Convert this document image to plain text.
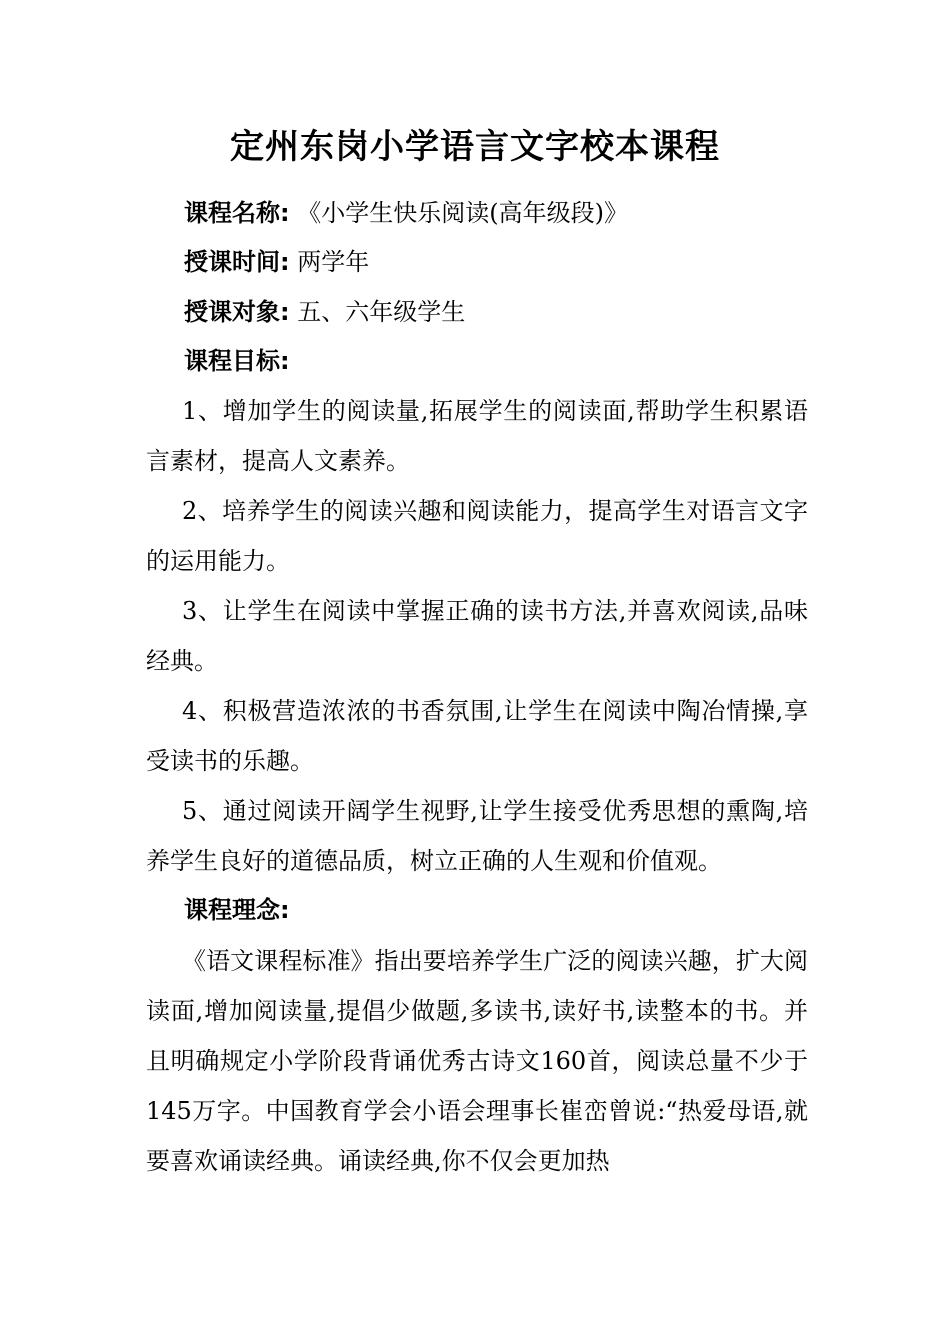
定州东岗小学语言文字校本课程
课程名称: 《小学生快乐阅读(高年级段)》
授课时间: 两学年
授课对象: 五、六年级学生
课程目标:
1、增加学生的阅读量,拓展学生的阅读面,帮助学生积累语言素材，提高人文素养。
2、培养学生的阅读兴趣和阅读能力，提高学生对语言文字的运用能力。
3、让学生在阅读中掌握正确的读书方法,并喜欢阅读,品味经典。
4、积极营造浓浓的书香氛围,让学生在阅读中陶冶情操,享受读书的乐趣。
5、通过阅读开阔学生视野,让学生接受优秀思想的熏陶,培养学生良好的道德品质，树立正确的人生观和价值观。
课程理念:
《语文课程标准》指出要培养学生广泛的阅读兴趣，扩大阅读面,增加阅读量,提倡少做题,多读书,读好书,读整本的书。并且明确规定小学阶段背诵优秀古诗文160首，阅读总量不少于145万字。中国教育学会小语会理事长崔峦曾说:“热爱母语,就要喜欢诵读经典。诵读经典,你不仅会更加热
